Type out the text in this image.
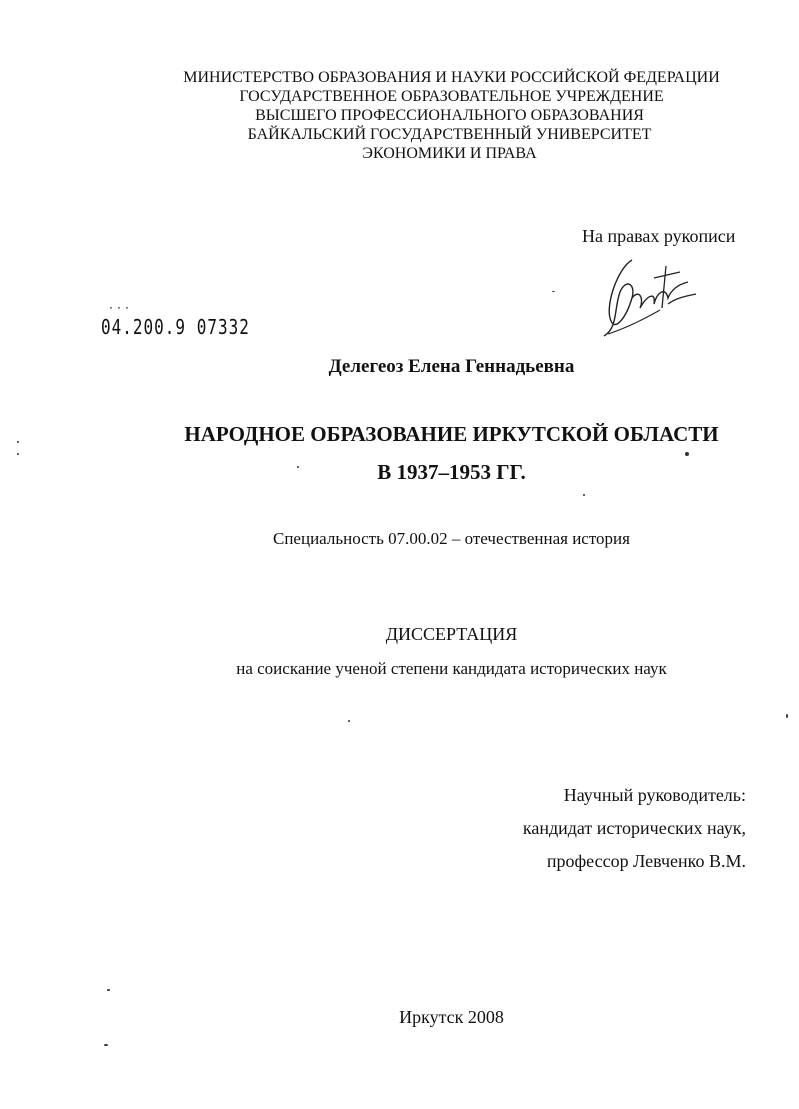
МИНИСТЕРСТВО ОБРАЗОВАНИЯ И НАУКИ РОССИЙСКОЙ ФЕДЕРАЦИИ
ГОСУДАРСТВЕННОЕ ОБРАЗОВАТЕЛЬНОЕ УЧРЕЖДЕНИЕ
ВЫСШЕГО ПРОФЕССИОНАЛЬНОГО ОБРАЗОВАНИЯ
БАЙКАЛЬСКИЙ ГОСУДАРСТВЕННЫЙ УНИВЕРСИТЕТ
ЭКОНОМИКИ И ПРАВА
На правах рукописи
···
04.200.9 07332
Делегеоз Елена Геннадьевна
НАРОДНОЕ ОБРАЗОВАНИЕ ИРКУТСКОЙ ОБЛАСТИ
В 1937–1953 ГГ.
Специальность 07.00.02 – отечественная история
ДИССЕРТАЦИЯ
на соискание ученой степени кандидата исторических наук
Научный руководитель:
кандидат исторических наук,
профессор Левченко В.М.
Иркутск 2008
